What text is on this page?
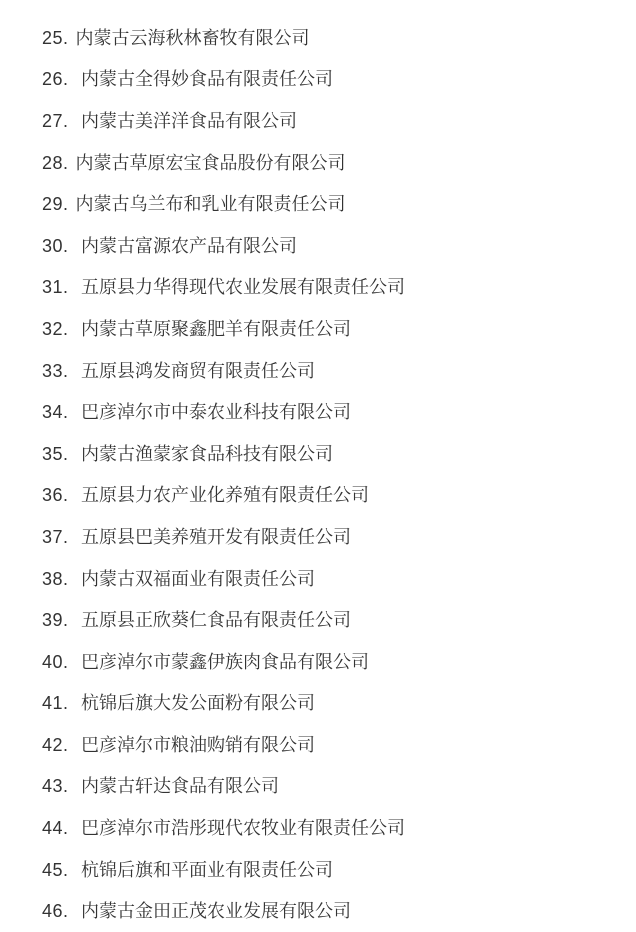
25. 内蒙古云海秋林畜牧有限公司
26. 内蒙古全得妙食品有限责任公司
27. 内蒙古美洋洋食品有限公司
28. 内蒙古草原宏宝食品股份有限公司
29. 内蒙古乌兰布和乳业有限责任公司
30. 内蒙古富源农产品有限公司
31. 五原县力华得现代农业发展有限责任公司
32. 内蒙古草原聚鑫肥羊有限责任公司
33. 五原县鸿发商贸有限责任公司
34. 巴彦淖尔市中泰农业科技有限公司
35. 内蒙古渔蒙家食品科技有限公司
36. 五原县力农产业化养殖有限责任公司
37. 五原县巴美养殖开发有限责任公司
38. 内蒙古双福面业有限责任公司
39. 五原县正欣葵仁食品有限责任公司
40. 巴彦淖尔市蒙鑫伊族肉食品有限公司
41. 杭锦后旗大发公面粉有限公司
42. 巴彦淖尔市粮油购销有限公司
43. 内蒙古轩达食品有限公司
44. 巴彦淖尔市浩彤现代农牧业有限责任公司
45. 杭锦后旗和平面业有限责任公司
46. 内蒙古金田正茂农业发展有限公司
